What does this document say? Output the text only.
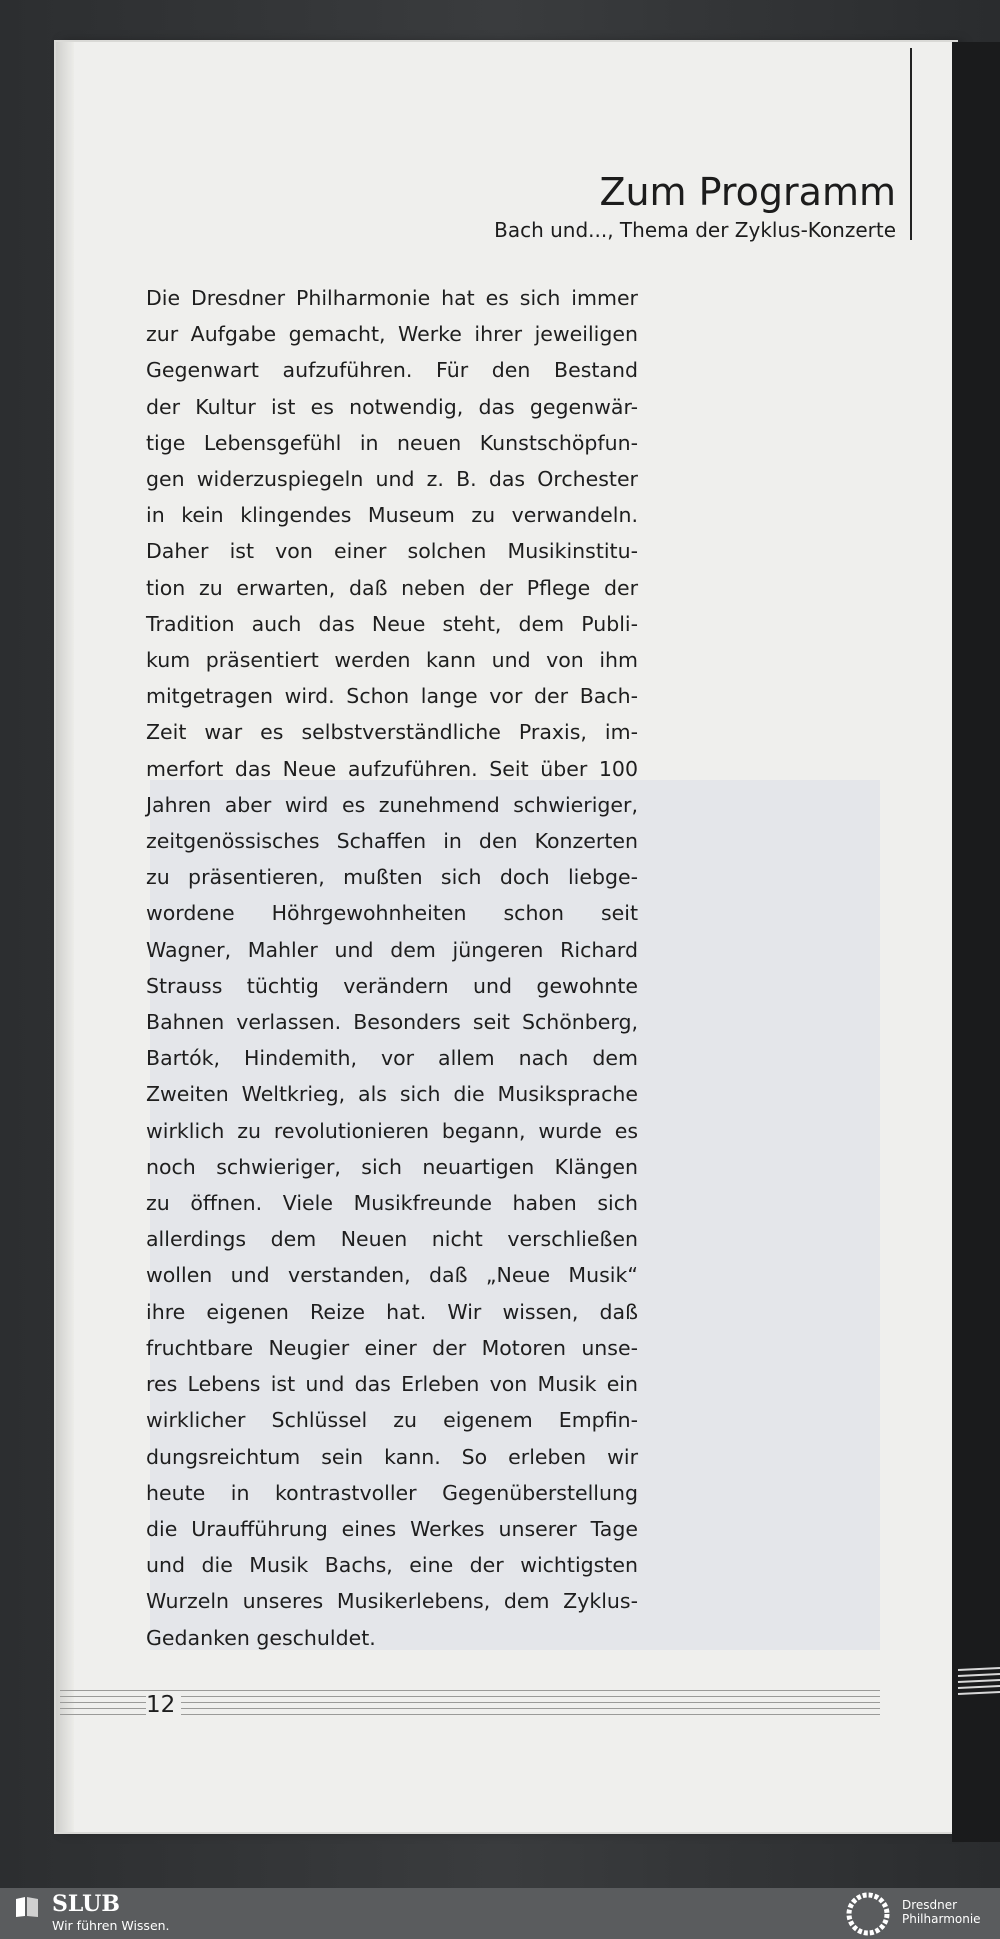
Zum Programm
Bach und..., Thema der Zyklus-Konzerte

Die Dresdner Philharmonie hat es sich immer
zur Aufgabe gemacht, Werke ihrer jeweiligen
Gegenwart aufzuführen. Für den Bestand
der Kultur ist es notwendig, das gegenwär-
tige Lebensgefühl in neuen Kunstschöpfun-
gen widerzuspiegeln und z. B. das Orchester
in kein klingendes Museum zu verwandeln.
Daher ist von einer solchen Musikinstitu-
tion zu erwarten, daß neben der Pflege der
Tradition auch das Neue steht, dem Publi-
kum präsentiert werden kann und von ihm
mitgetragen wird. Schon lange vor der Bach-
Zeit war es selbstverständliche Praxis, im-
merfort das Neue aufzuführen. Seit über 100
Jahren aber wird es zunehmend schwieriger,
zeitgenössisches Schaffen in den Konzerten
zu präsentieren, mußten sich doch liebge-
wordene Höhrgewohnheiten schon seit
Wagner, Mahler und dem jüngeren Richard
Strauss tüchtig verändern und gewohnte
Bahnen verlassen. Besonders seit Schönberg,
Bartók, Hindemith, vor allem nach dem
Zweiten Weltkrieg, als sich die Musiksprache
wirklich zu revolutionieren begann, wurde es
noch schwieriger, sich neuartigen Klängen
zu öffnen. Viele Musikfreunde haben sich
allerdings dem Neuen nicht verschließen
wollen und verstanden, daß „Neue Musik“
ihre eigenen Reize hat. Wir wissen, daß
fruchtbare Neugier einer der Motoren unse-
res Lebens ist und das Erleben von Musik ein
wirklicher Schlüssel zu eigenem Empfin-
dungsreichtum sein kann. So erleben wir
heute in kontrastvoller Gegenüberstellung
die Uraufführung eines Werkes unserer Tage
und die Musik Bachs, eine der wichtigsten
Wurzeln unseres Musikerlebens, dem Zyklus-
Gedanken geschuldet.

12
SLUB
Wir führen Wissen.
Dresdner
Philharmonie
